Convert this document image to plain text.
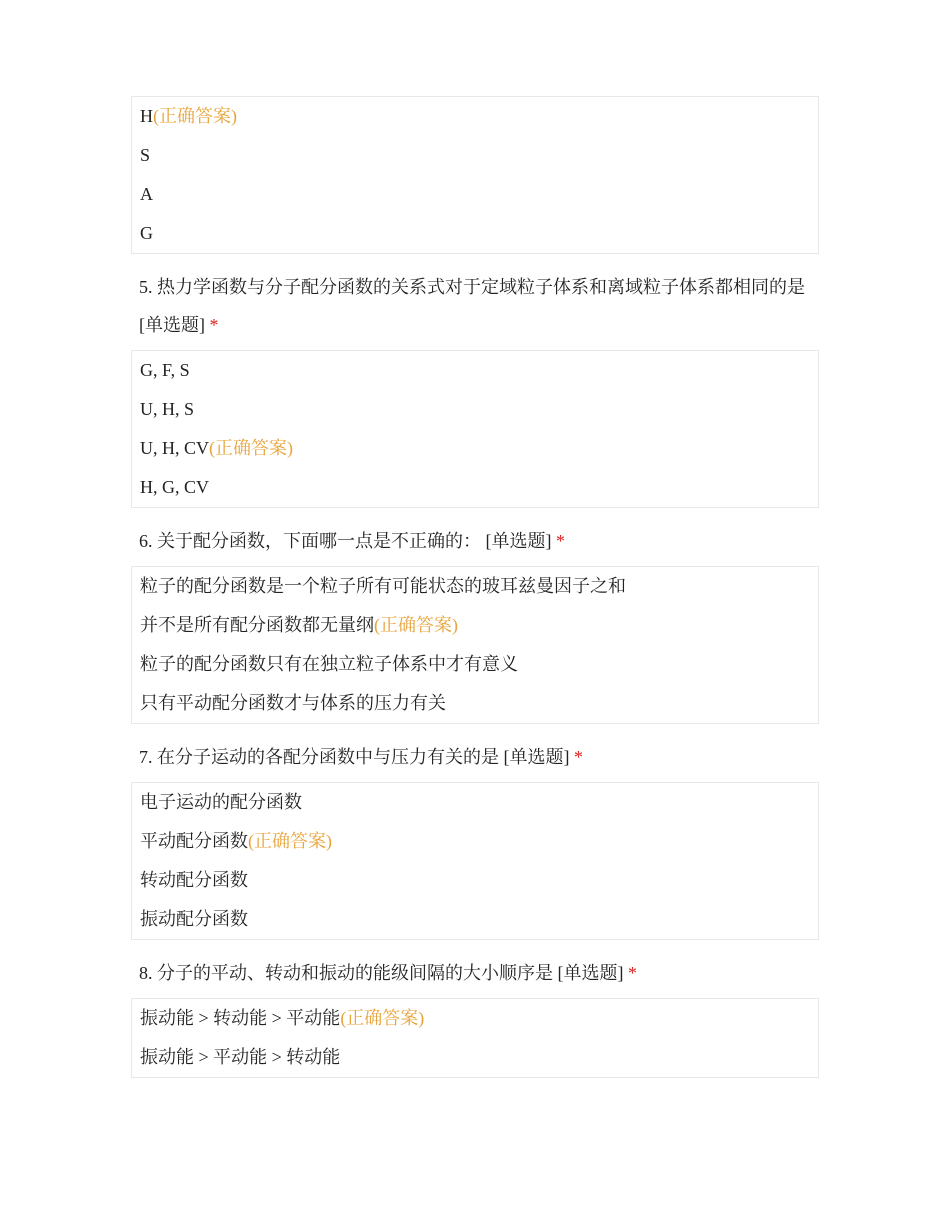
H(正确答案)
S
A
G
5. 热力学函数与分子配分函数的关系式对于定域粒子体系和离域粒子体系都相同的是 [单选题] *
G, F, S
U, H, S
U, H, CV(正确答案)
H, G, CV
6. 关于配分函数，下面哪一点是不正确的： [单选题] *
粒子的配分函数是一个粒子所有可能状态的玻耳兹曼因子之和
并不是所有配分函数都无量纲(正确答案)
粒子的配分函数只有在独立粒子体系中才有意义
只有平动配分函数才与体系的压力有关
7. 在分子运动的各配分函数中与压力有关的是 [单选题] *
电子运动的配分函数
平动配分函数(正确答案)
转动配分函数
振动配分函数
8. 分子的平动、转动和振动的能级间隔的大小顺序是 [单选题] *
振动能 > 转动能 > 平动能(正确答案)
振动能 > 平动能 > 转动能
